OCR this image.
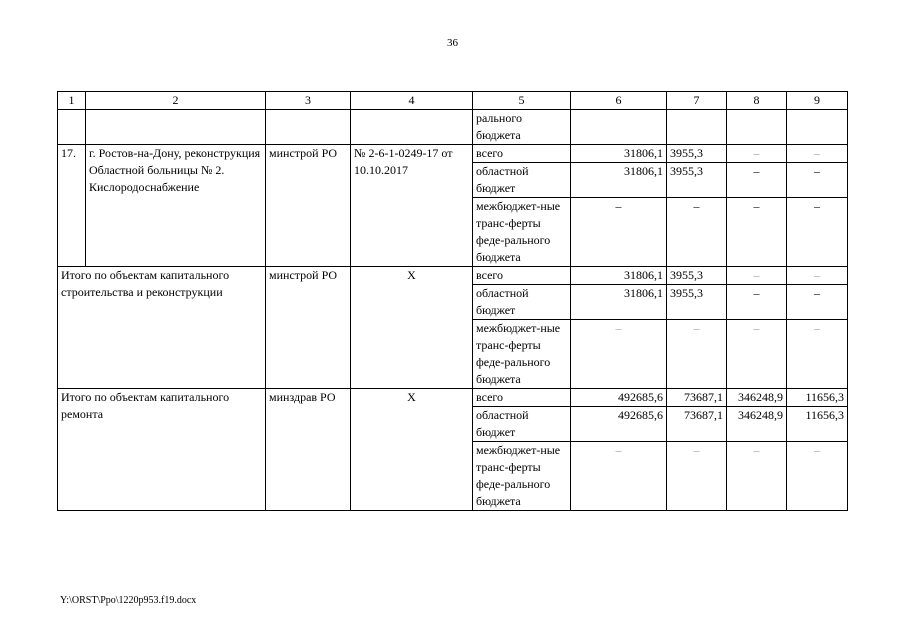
36
1	2	3	4	5	6	7	8	9
				рального бюджета				
17.	г. Ростов-на-Дону, реконструкция Областной больницы № 2. Кислородоснабжение	минстрой РО	№ 2-6-1-0249-17 от 10.10.2017	всего	31806,1	3955,3	–	–
				областной бюджет	31806,1	3955,3	–	–
				межбюджет-ные транс-ферты феде-рального бюджета	–	–	–	–
Итого по объектам капитального строительства и реконструкции		минстрой РО	X	всего	31806,1	3955,3	–	–
				областной бюджет	31806,1	3955,3	–	–
				межбюджет-ные транс-ферты феде-рального бюджета	–	–	–	–
Итого по объектам капитального ремонта		минздрав РО	X	всего	492685,6	73687,1	346248,9	11656,3
				областной бюджет	492685,6	73687,1	346248,9	11656,3
				межбюджет-ные транс-ферты феде-рального бюджета	–	–	–	–
Y:\ORST\Ppo\1220p953.f19.docx
